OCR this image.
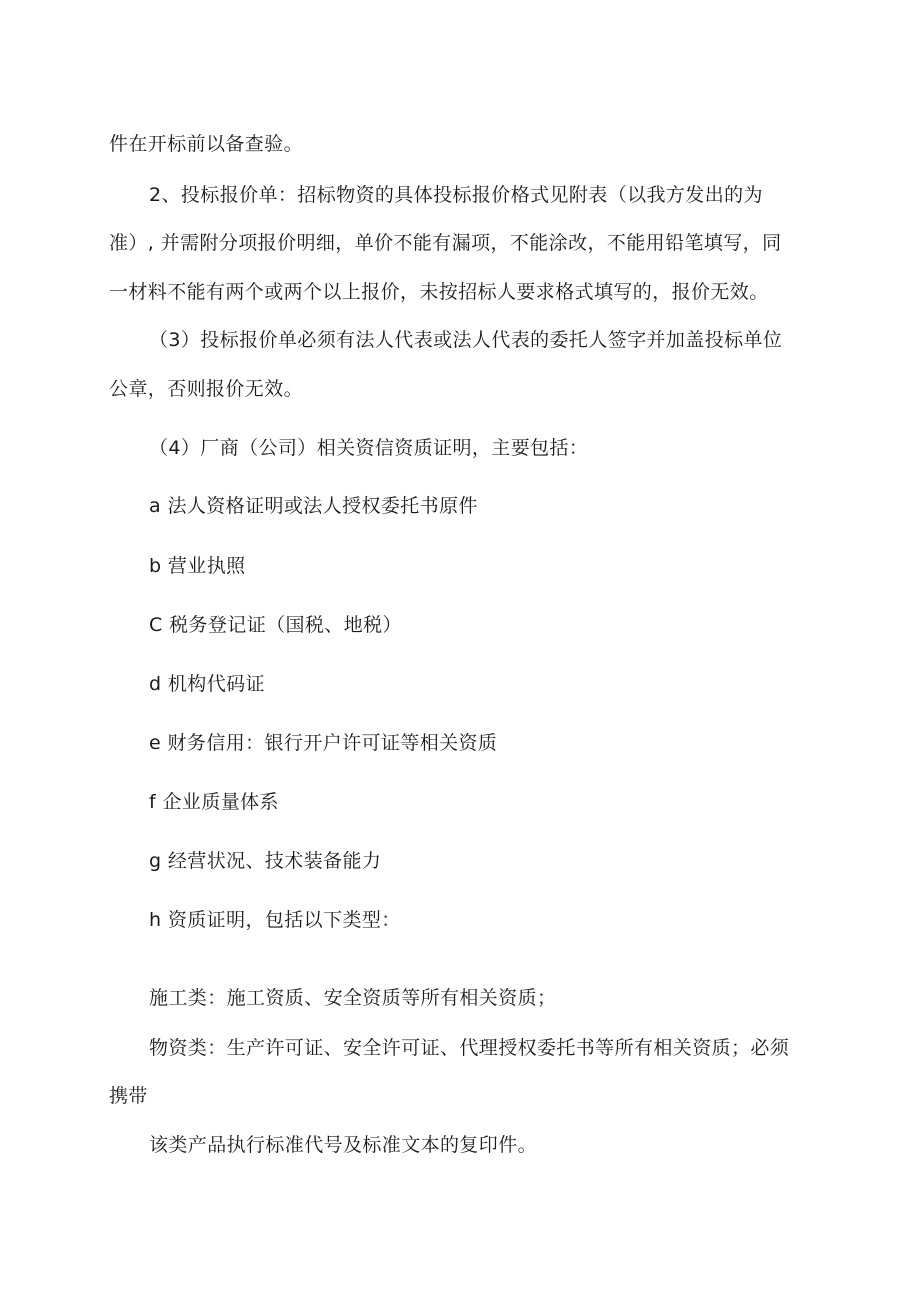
件在开标前以备查验。
2、投标报价单：招标物资的具体投标报价格式见附表（以我方发出的为
准）, 并需附分项报价明细，单价不能有漏项，不能涂改，不能用铅笔填写，同
一材料不能有两个或两个以上报价，未按招标人要求格式填写的，报价无效。
（3）投标报价单必须有法人代表或法人代表的委托人签字并加盖投标单位
公章，否则报价无效。
（4）厂商（公司）相关资信资质证明，主要包括：
a 法人资格证明或法人授权委托书原件
b 营业执照
C 税务登记证（国税、地税）
d 机构代码证
e 财务信用：银行开户许可证等相关资质
f 企业质量体系
g 经营状况、技术装备能力
h 资质证明，包括以下类型：
施工类：施工资质、安全资质等所有相关资质；
物资类：生产许可证、安全许可证、代理授权委托书等所有相关资质；必须
携带
该类产品执行标准代号及标准文本的复印件。
